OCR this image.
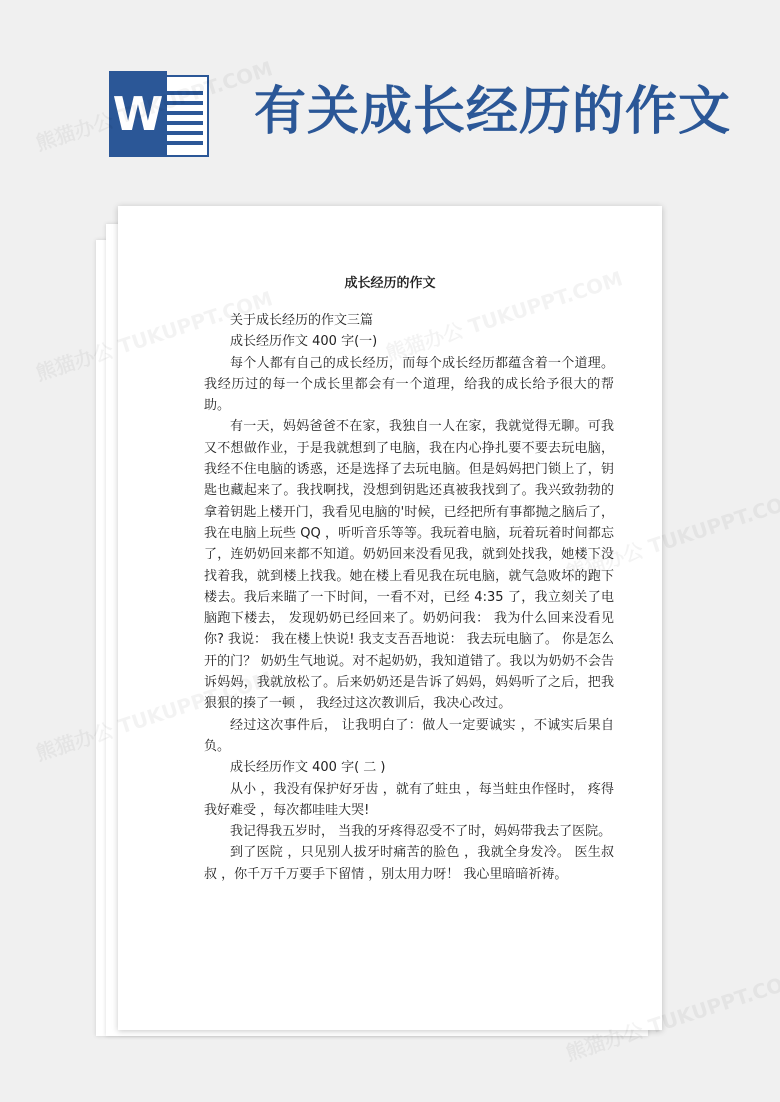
W 有关成长经历的作文
成长经历的作文

关于成长经历的作文三篇

成长经历作文 400 字(一)

每个人都有自己的成长经历，而每个成长经历都蕴含着一个道理。我经历过的每一个成长里都会有一个道理，给我的成长给予很大的帮助。

有一天，妈妈爸爸不在家，我独自一人在家，我就觉得无聊。可我又不想做作业，于是我就想到了电脑，我在内心挣扎要不要去玩电脑，我经不住电脑的诱惑，还是选择了去玩电脑。但是妈妈把门锁上了，钥匙也藏起来了。我找啊找，没想到钥匙还真被我找到了。我兴致勃勃的拿着钥匙上楼开门，我看见电脑的'时候，已经把所有事都抛之脑后了，我在电脑上玩些 QQ ，听听音乐等等。我玩着电脑，玩着玩着时间都忘了，连奶奶回来都不知道。奶奶回来没看见我，就到处找我，她楼下没找着我，就到楼上找我。她在楼上看见我在玩电脑，就气急败坏的跑下楼去。我后来瞄了一下时间，一看不对，已经 4:35 了，我立刻关了电脑跑下楼去， 发现奶奶已经回来了。奶奶问我： 我为什么回来没看见你? 我说： 我在楼上快说! 我支支吾吾地说： 我去玩电脑了。 你是怎么开的门？ 奶奶生气地说。对不起奶奶，我知道错了。我以为奶奶不会告诉妈妈，我就放松了。后来奶奶还是告诉了妈妈，妈妈听了之后，把我狠狠的揍了一顿 ， 我经过这次教训后，我决心改过。

经过这次事件后， 让我明白了：做人一定要诚实 ，不诚实后果自负。

成长经历作文 400 字( 二 )

从小 ，我没有保护好牙齿 ，就有了蛀虫 ，每当蛀虫作怪时， 疼得我好难受 ，每次都哇哇大哭!

我记得我五岁时， 当我的牙疼得忍受不了时，妈妈带我去了医院。

到了医院 ，只见别人拔牙时痛苦的脸色 ，我就全身发冷。 医生叔叔 ，你千万千万要手下留情 ，别太用力呀！ 我心里暗暗祈祷。
